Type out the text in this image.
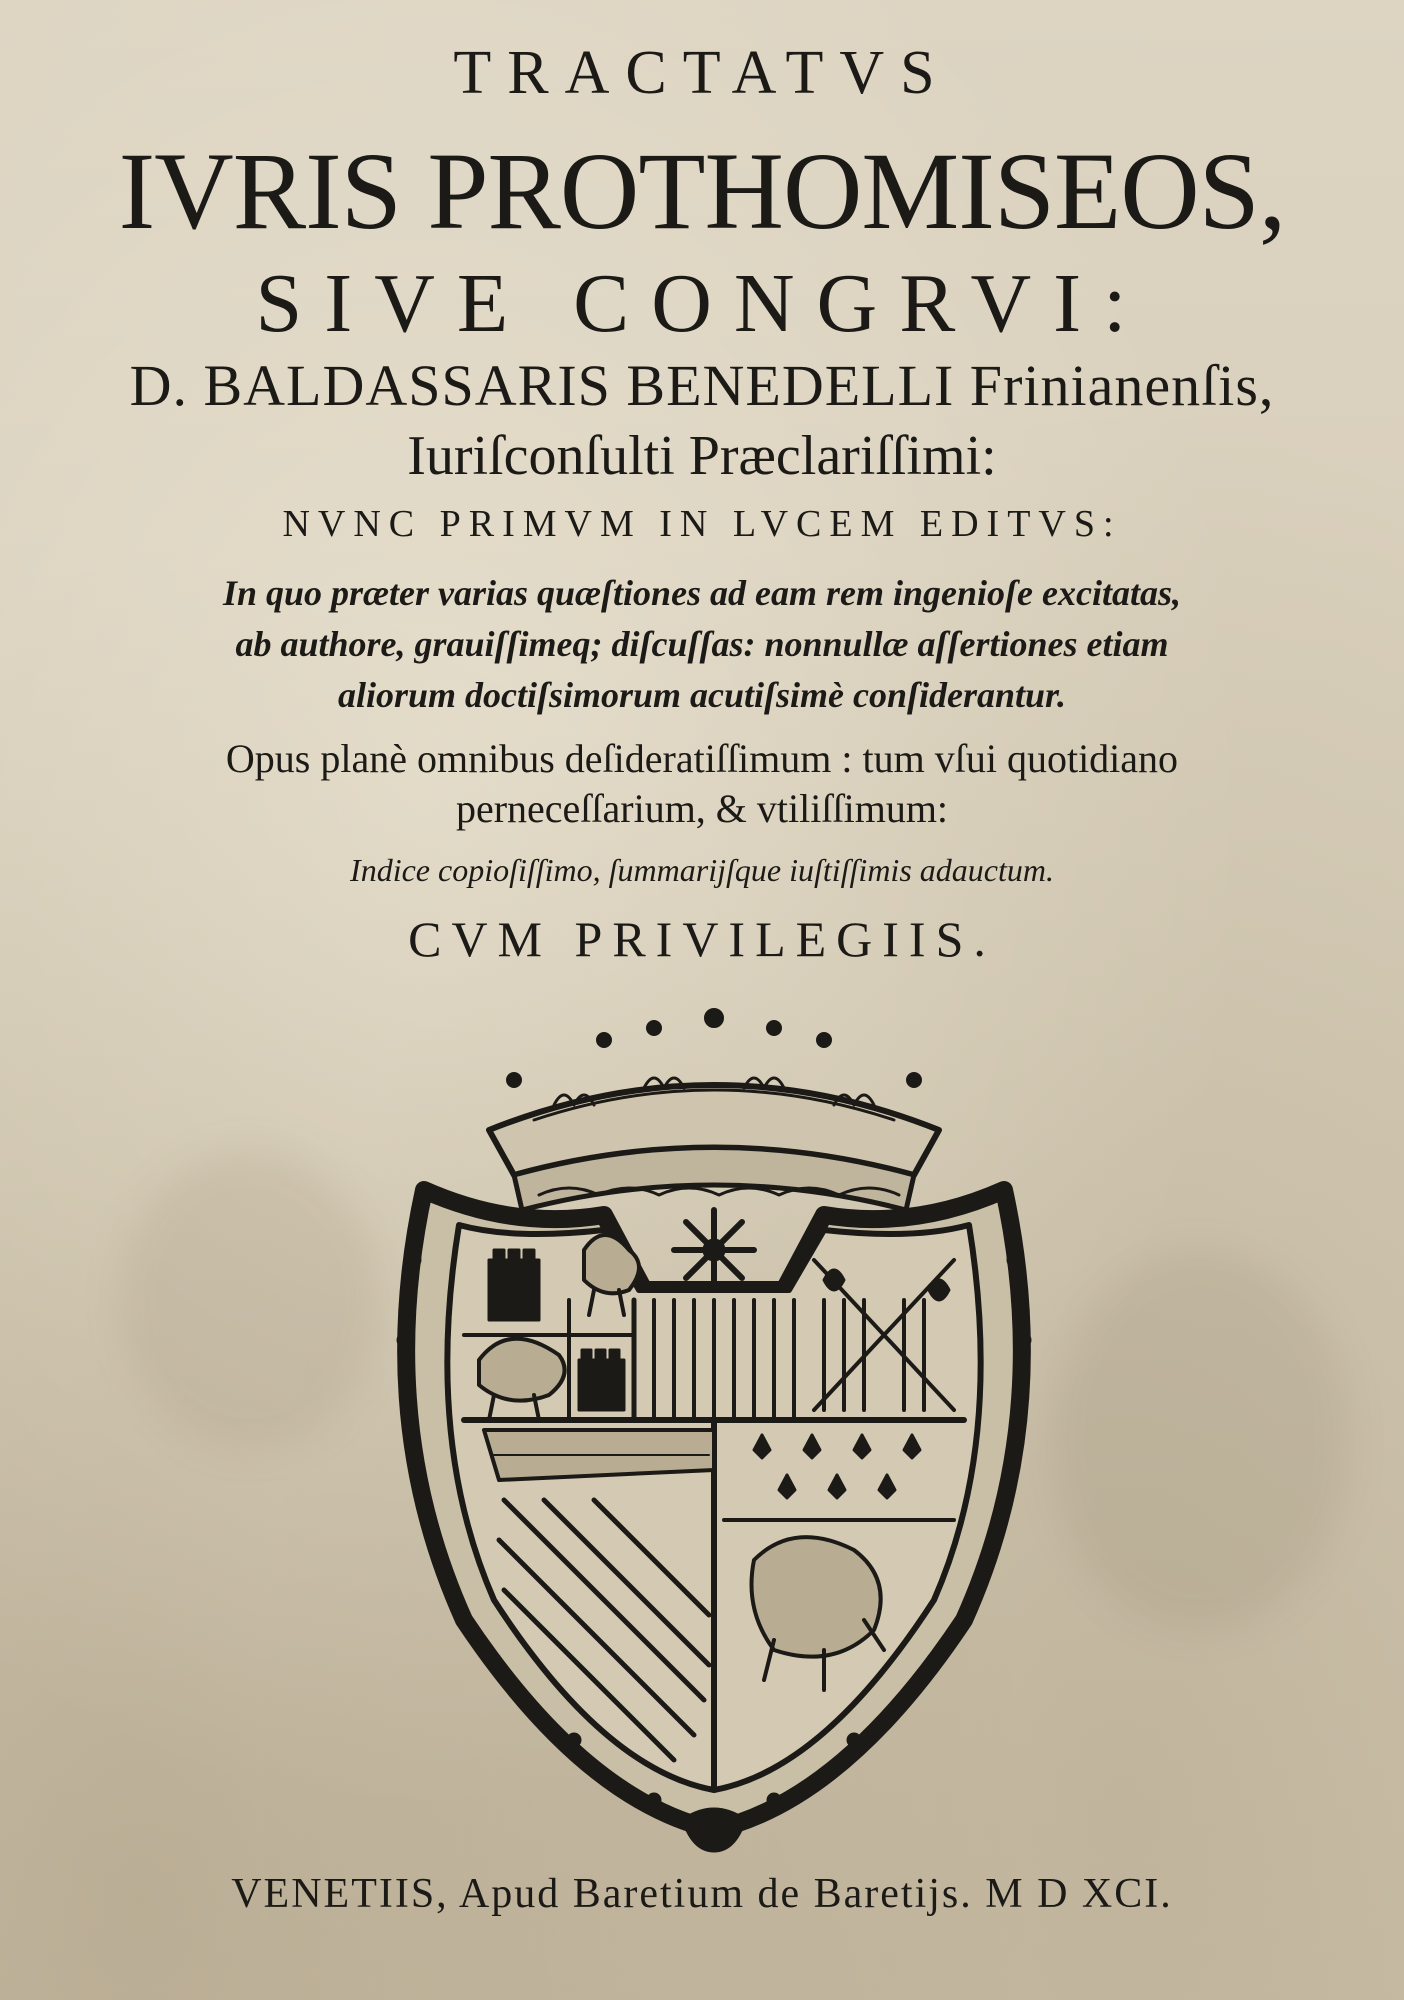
TRACTATVS
IVRIS PROTHOMISEOS,
SIVE CONGRVI:
D. BALDASSARIS BENEDELLI Frinianenſis,
Iuriſconſulti Præclariſſimi:
NVNC PRIMVM IN LVCEM EDITVS:
In quo præter varias quæſtiones ad eam rem ingenioſe excitatas,
ab authore, grauiſſimeq; diſcuſſas: nonnullæ aſſertiones etiam
aliorum doctiſsimorum acutiſsimè conſiderantur.
Opus planè omnibus deſideratiſſimum : tum vſui quotidiano
perneceſſarium, & vtiliſſimum:
Indice copioſiſſimo, ſummarijſque iuſtiſſimis adauctum.
CVM PRIVILEGIIS.
VENETIIS, Apud Baretium de Baretijs. M D XCI.
